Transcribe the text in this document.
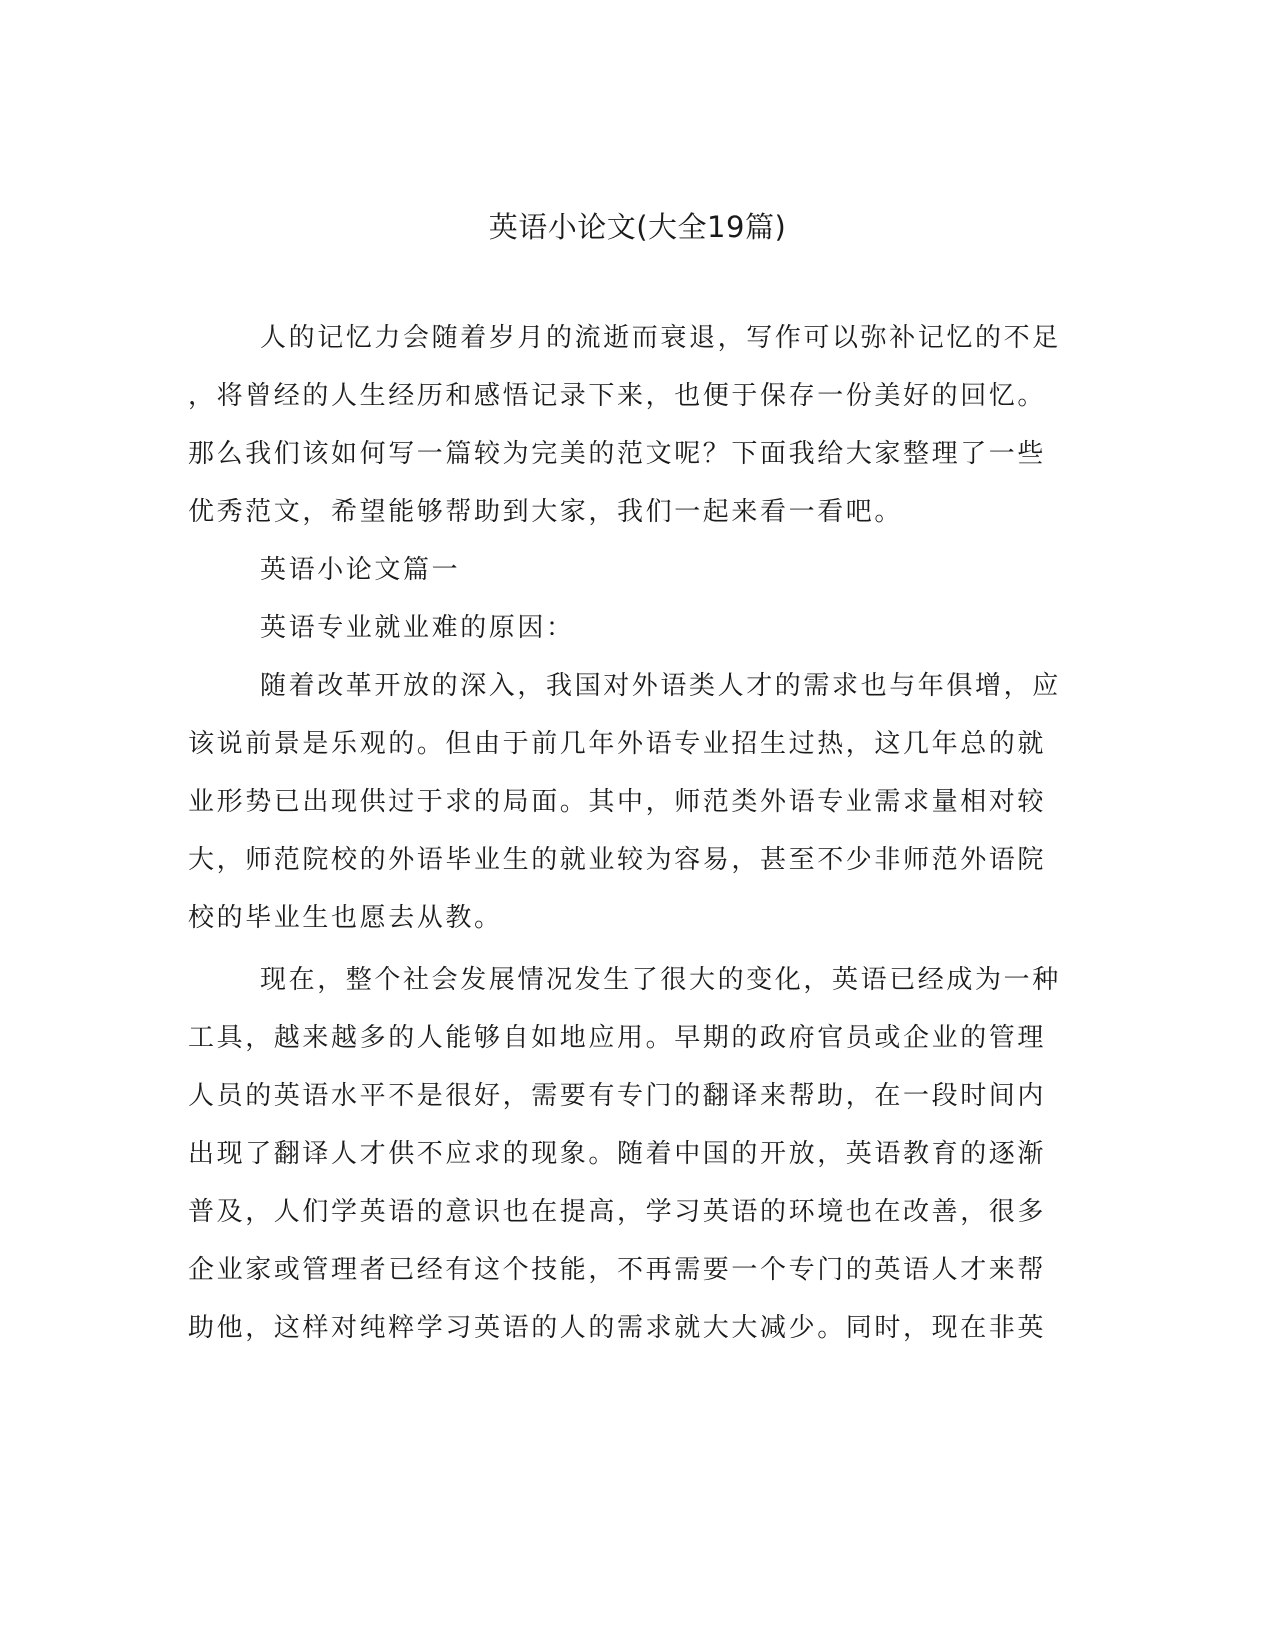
英语小论文(大全19篇)
人的记忆力会随着岁月的流逝而衰退，写作可以弥补记忆的不足
，将曾经的人生经历和感悟记录下来，也便于保存一份美好的回忆。
那么我们该如何写一篇较为完美的范文呢？下面我给大家整理了一些
优秀范文，希望能够帮助到大家，我们一起来看一看吧。
英语小论文篇一
英语专业就业难的原因：
随着改革开放的深入，我国对外语类人才的需求也与年俱增，应
该说前景是乐观的。但由于前几年外语专业招生过热，这几年总的就
业形势已出现供过于求的局面。其中，师范类外语专业需求量相对较
大，师范院校的外语毕业生的就业较为容易，甚至不少非师范外语院
校的毕业生也愿去从教。
现在，整个社会发展情况发生了很大的变化，英语已经成为一种
工具，越来越多的人能够自如地应用。早期的政府官员或企业的管理
人员的英语水平不是很好，需要有专门的翻译来帮助，在一段时间内
出现了翻译人才供不应求的现象。随着中国的开放，英语教育的逐渐
普及，人们学英语的意识也在提高，学习英语的环境也在改善，很多
企业家或管理者已经有这个技能，不再需要一个专门的英语人才来帮
助他，这样对纯粹学习英语的人的需求就大大减少。同时，现在非英
